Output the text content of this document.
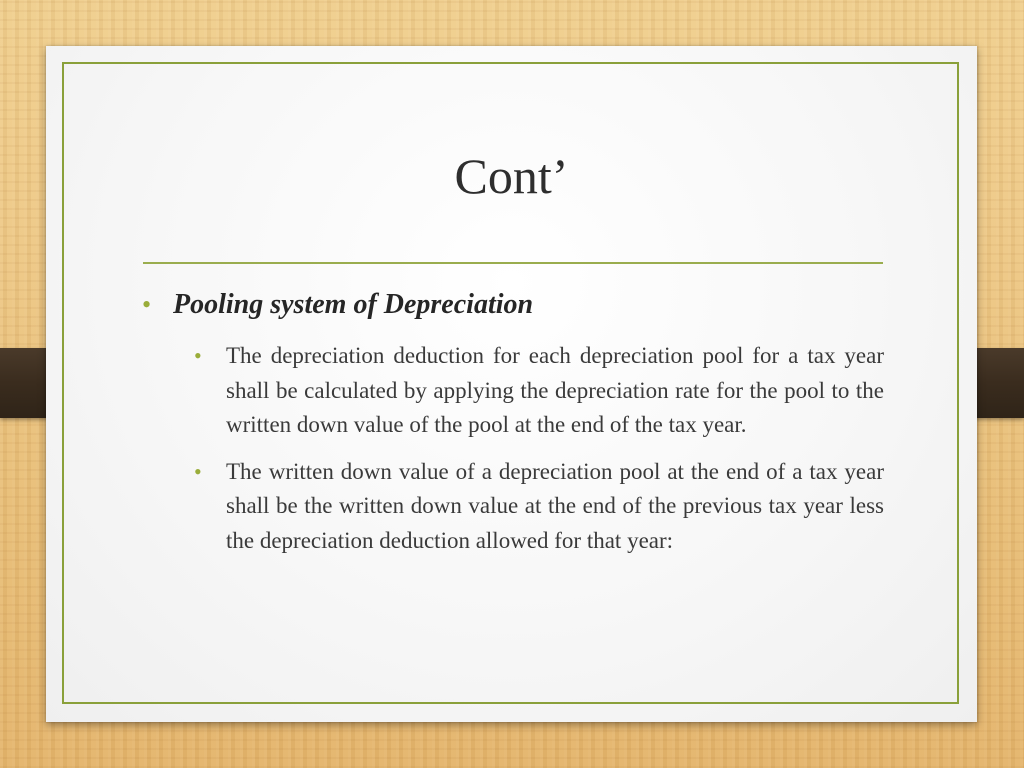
Cont’
• Pooling system of Depreciation
• The depreciation deduction for each depreciation pool for a tax year shall be calculated by applying the depreciation rate for the pool to the written down value of the pool at the end of the tax year.
• The written down value of a depreciation pool at the end of a tax year shall be the written down value at the end of the previous tax year less the depreciation deduction allowed for that year:
